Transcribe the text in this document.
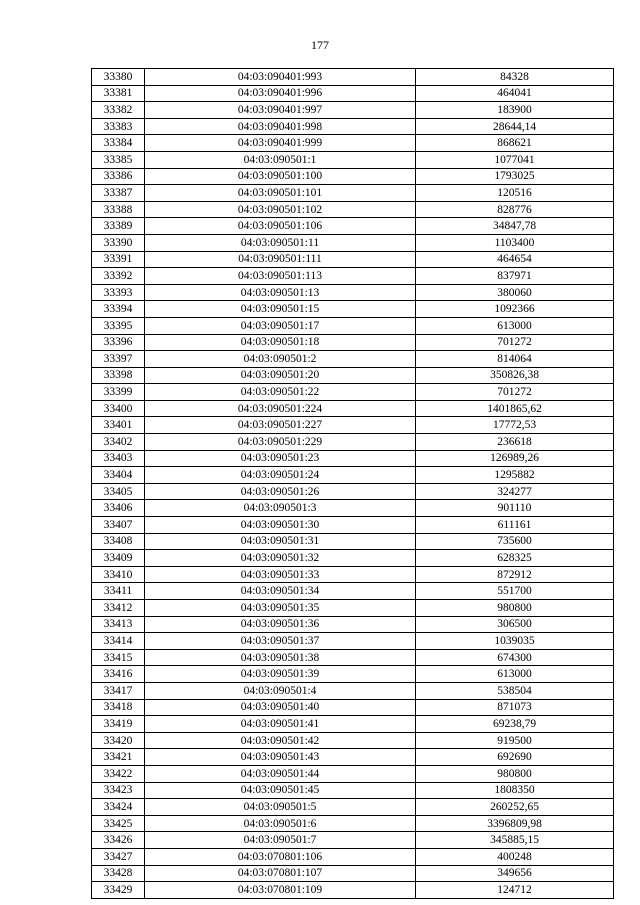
177
33380	04:03:090401:993	84328
33381	04:03:090401:996	464041
33382	04:03:090401:997	183900
33383	04:03:090401:998	28644,14
33384	04:03:090401:999	868621
33385	04:03:090501:1	1077041
33386	04:03:090501:100	1793025
33387	04:03:090501:101	120516
33388	04:03:090501:102	828776
33389	04:03:090501:106	34847,78
33390	04:03:090501:11	1103400
33391	04:03:090501:111	464654
33392	04:03:090501:113	837971
33393	04:03:090501:13	380060
33394	04:03:090501:15	1092366
33395	04:03:090501:17	613000
33396	04:03:090501:18	701272
33397	04:03:090501:2	814064
33398	04:03:090501:20	350826,38
33399	04:03:090501:22	701272
33400	04:03:090501:224	1401865,62
33401	04:03:090501:227	17772,53
33402	04:03:090501:229	236618
33403	04:03:090501:23	126989,26
33404	04:03:090501:24	1295882
33405	04:03:090501:26	324277
33406	04:03:090501:3	901110
33407	04:03:090501:30	611161
33408	04:03:090501:31	735600
33409	04:03:090501:32	628325
33410	04:03:090501:33	872912
33411	04:03:090501:34	551700
33412	04:03:090501:35	980800
33413	04:03:090501:36	306500
33414	04:03:090501:37	1039035
33415	04:03:090501:38	674300
33416	04:03:090501:39	613000
33417	04:03:090501:4	538504
33418	04:03:090501:40	871073
33419	04:03:090501:41	69238,79
33420	04:03:090501:42	919500
33421	04:03:090501:43	692690
33422	04:03:090501:44	980800
33423	04:03:090501:45	1808350
33424	04:03:090501:5	260252,65
33425	04:03:090501:6	3396809,98
33426	04:03:090501:7	345885,15
33427	04:03:070801:106	400248
33428	04:03:070801:107	349656
33429	04:03:070801:109	124712
